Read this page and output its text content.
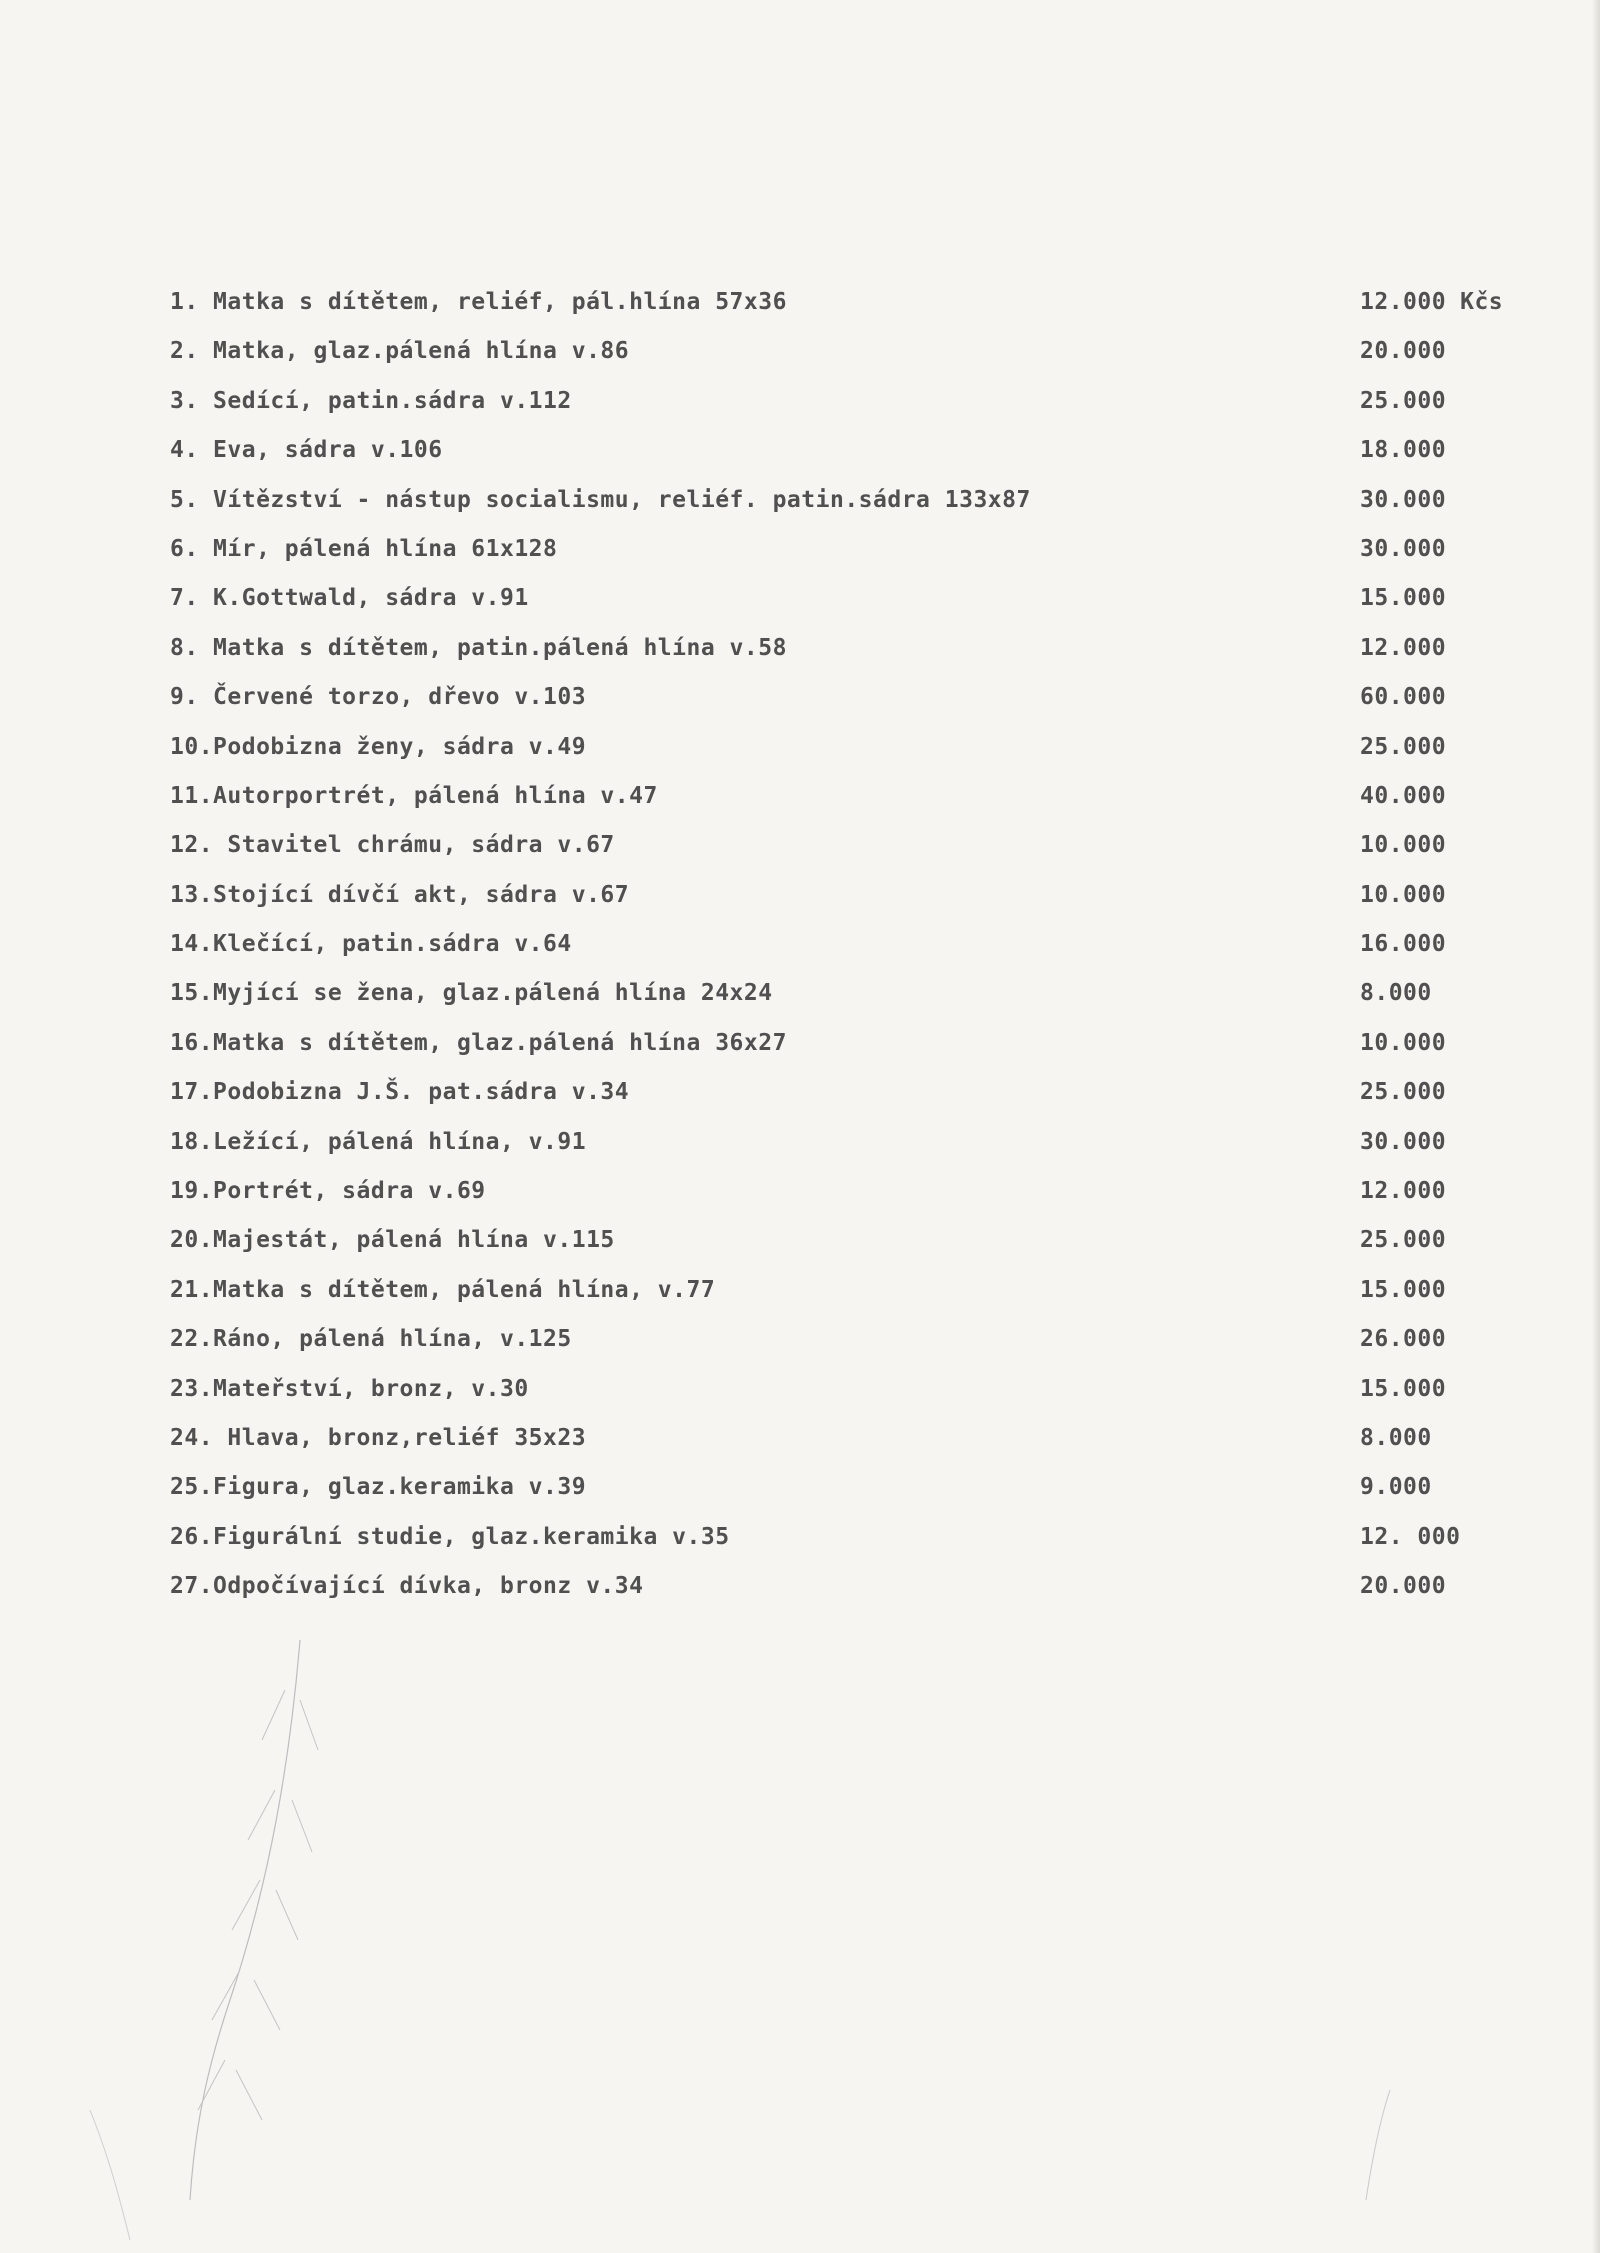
1. Matka s dítětem, reliéf, pál.hlína 57x36	12.000 Kčs
2. Matka, glaz.pálená hlína v.86	20.000
3. Sedící, patin.sádra v.112	25.000
4. Eva, sádra v.106	18.000
5. Vítězství - nástup socialismu, reliéf. patin.sádra 133x87	30.000
6. Mír, pálená hlína 61x128	30.000
7. K.Gottwald, sádra v.91	15.000
8. Matka s dítětem, patin.pálená hlína v.58	12.000
9. Červené torzo, dřevo v.103	60.000
10.Podobizna ženy, sádra v.49	25.000
11.Autorportrét, pálená hlína v.47	40.000
12. Stavitel chrámu, sádra v.67	10.000
13.Stojící dívčí akt, sádra v.67	10.000
14.Klečící, patin.sádra v.64	16.000
15.Myjící se žena, glaz.pálená hlína 24x24	8.000
16.Matka s dítětem, glaz.pálená hlína 36x27	10.000
17.Podobizna J.Š. pat.sádra v.34	25.000
18.Ležící, pálená hlína, v.91	30.000
19.Portrét, sádra v.69	12.000
20.Majestát, pálená hlína v.115	25.000
21.Matka s dítětem, pálená hlína, v.77	15.000
22.Ráno, pálená hlína, v.125	26.000
23.Mateřství, bronz, v.30	15.000
24. Hlava, bronz,reliéf 35x23	8.000
25.Figura, glaz.keramika v.39	9.000
26.Figurální studie, glaz.keramika v.35	12. 000
27.Odpočívající dívka, bronz v.34	20.000
